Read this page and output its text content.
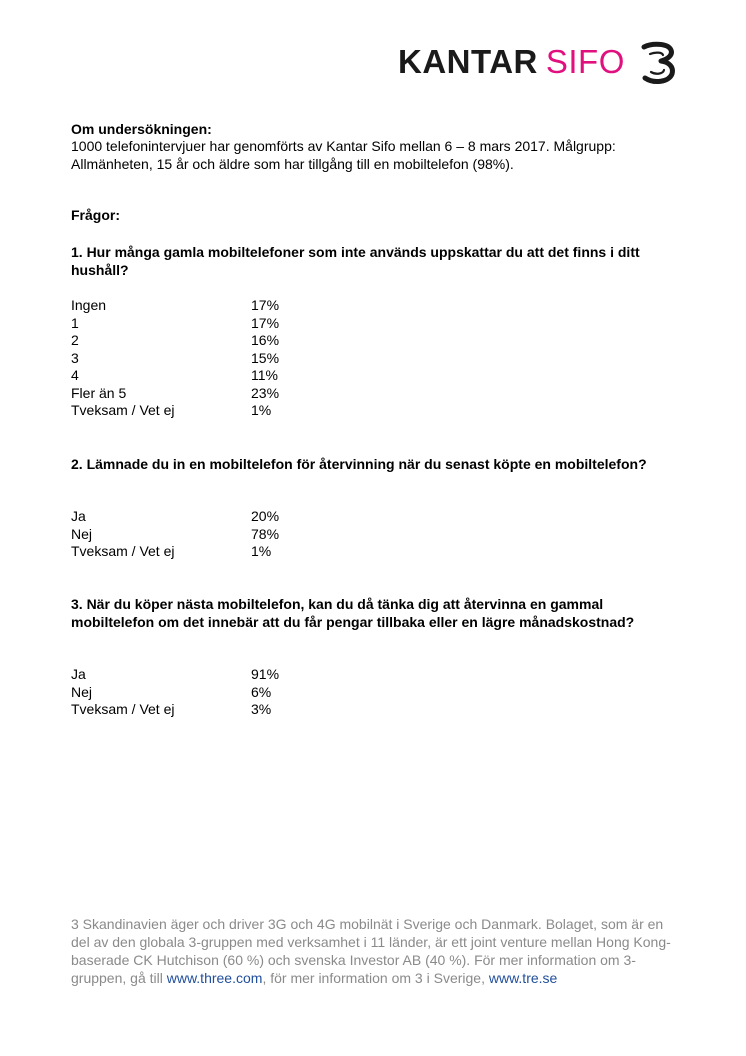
KANTAR SIFO
Om undersökningen:
1000 telefonintervjuer har genomförts av Kantar Sifo mellan 6 – 8 mars 2017. Målgrupp: Allmänheten, 15 år och äldre som har tillgång till en mobiltelefon (98%).
Frågor:
1. Hur många gamla mobiltelefoner som inte används uppskattar du att det finns i ditt hushåll?
Ingen	17%
1	17%
2	16%
3	15%
4	11%
Fler än 5	23%
Tveksam / Vet ej	1%
2. Lämnade du in en mobiltelefon för återvinning när du senast köpte en mobiltelefon?
Ja	20%
Nej	78%
Tveksam / Vet ej	1%
3. När du köper nästa mobiltelefon, kan du då tänka dig att återvinna en gammal mobiltelefon om det innebär att du får pengar tillbaka eller en lägre månadskostnad?
Ja	91%
Nej	6%
Tveksam / Vet ej	3%
3 Skandinavien äger och driver 3G och 4G mobilnät i Sverige och Danmark. Bolaget, som är en del av den globala 3-gruppen med verksamhet i 11 länder, är ett joint venture mellan Hong Kong-baserade CK Hutchison (60 %) och svenska Investor AB (40 %). För mer information om 3-gruppen, gå till www.three.com, för mer information om 3 i Sverige, www.tre.se
